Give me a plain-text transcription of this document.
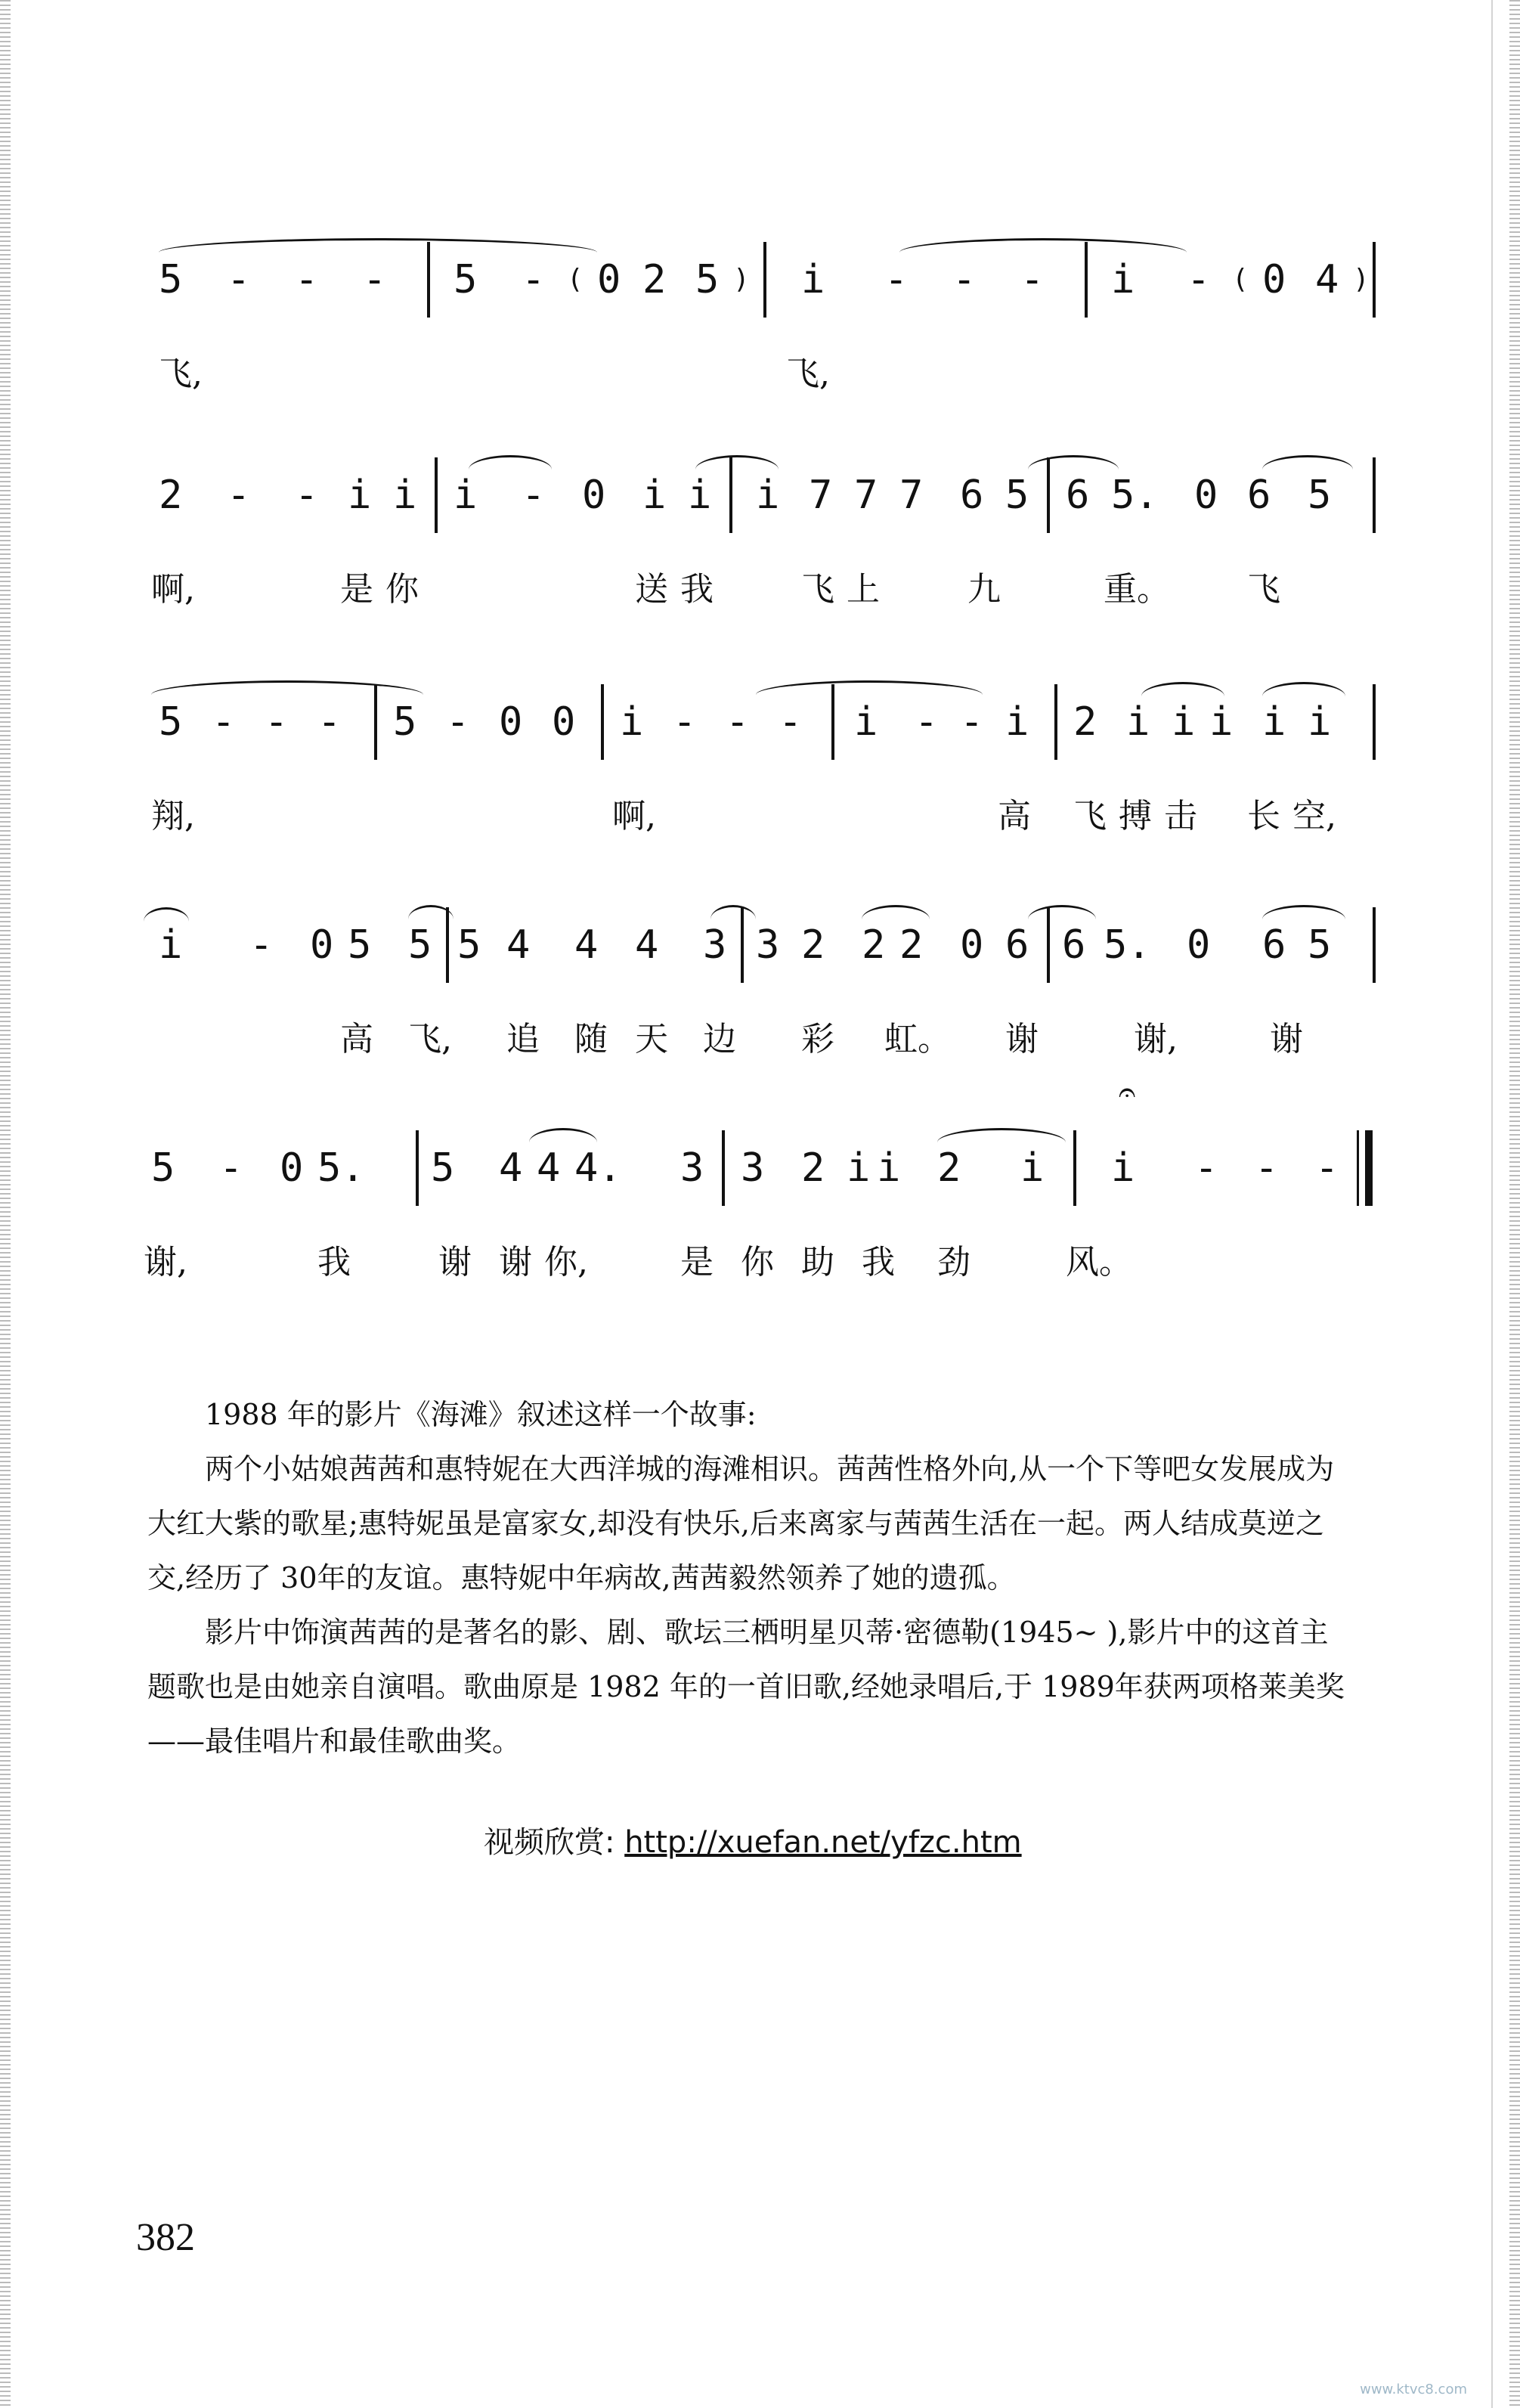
5 - - - 5 - ( 0 2 5 ) i - - - i - ( 0 4 )
飞,	飞,
2 - - i i i - 0 i i i 7 7 7 6 5 6 5. 0 6 5
啊,	是 你	送 我	飞 上	九	重。 飞
5 - - - 5 - 0 0 i - - - i - - i 2 i i i i i
翔,	啊,	高 飞 搏 击 长 空,
i - 0 5 5 5 4 4 4 3 3 2 2 2 0 6 6 5. 0 6 5
高 飞, 追 随 天 边 彩 虹。 谢	谢,	谢
𝄐
5 - 0 5. 5 4 4 4. 3 3 2 i i 2 i i - - -
谢,	我	谢 谢 你,	是 你 助 我 劲	风。

1988 年的影片《海滩》叙述这样一个故事:

两个小姑娘茜茜和惠特妮在大西洋城的海滩相识。茜茜性格外向,从一个下等吧女发展成为大红大紫的歌星;惠特妮虽是富家女,却没有快乐,后来离家与茜茜生活在一起。两人结成莫逆之交,经历了 30年的友谊。惠特妮中年病故,茜茜毅然领养了她的遗孤。

影片中饰演茜茜的是著名的影、剧、歌坛三栖明星贝蒂·密德勒(1945~ ),影片中的这首主题歌也是由她亲自演唱。歌曲原是 1982 年的一首旧歌,经她录唱后,于 1989年获两项格莱美奖——最佳唱片和最佳歌曲奖。

视频欣赏: http://xuefan.net/yfzc.htm
382
www.ktvc8.com
